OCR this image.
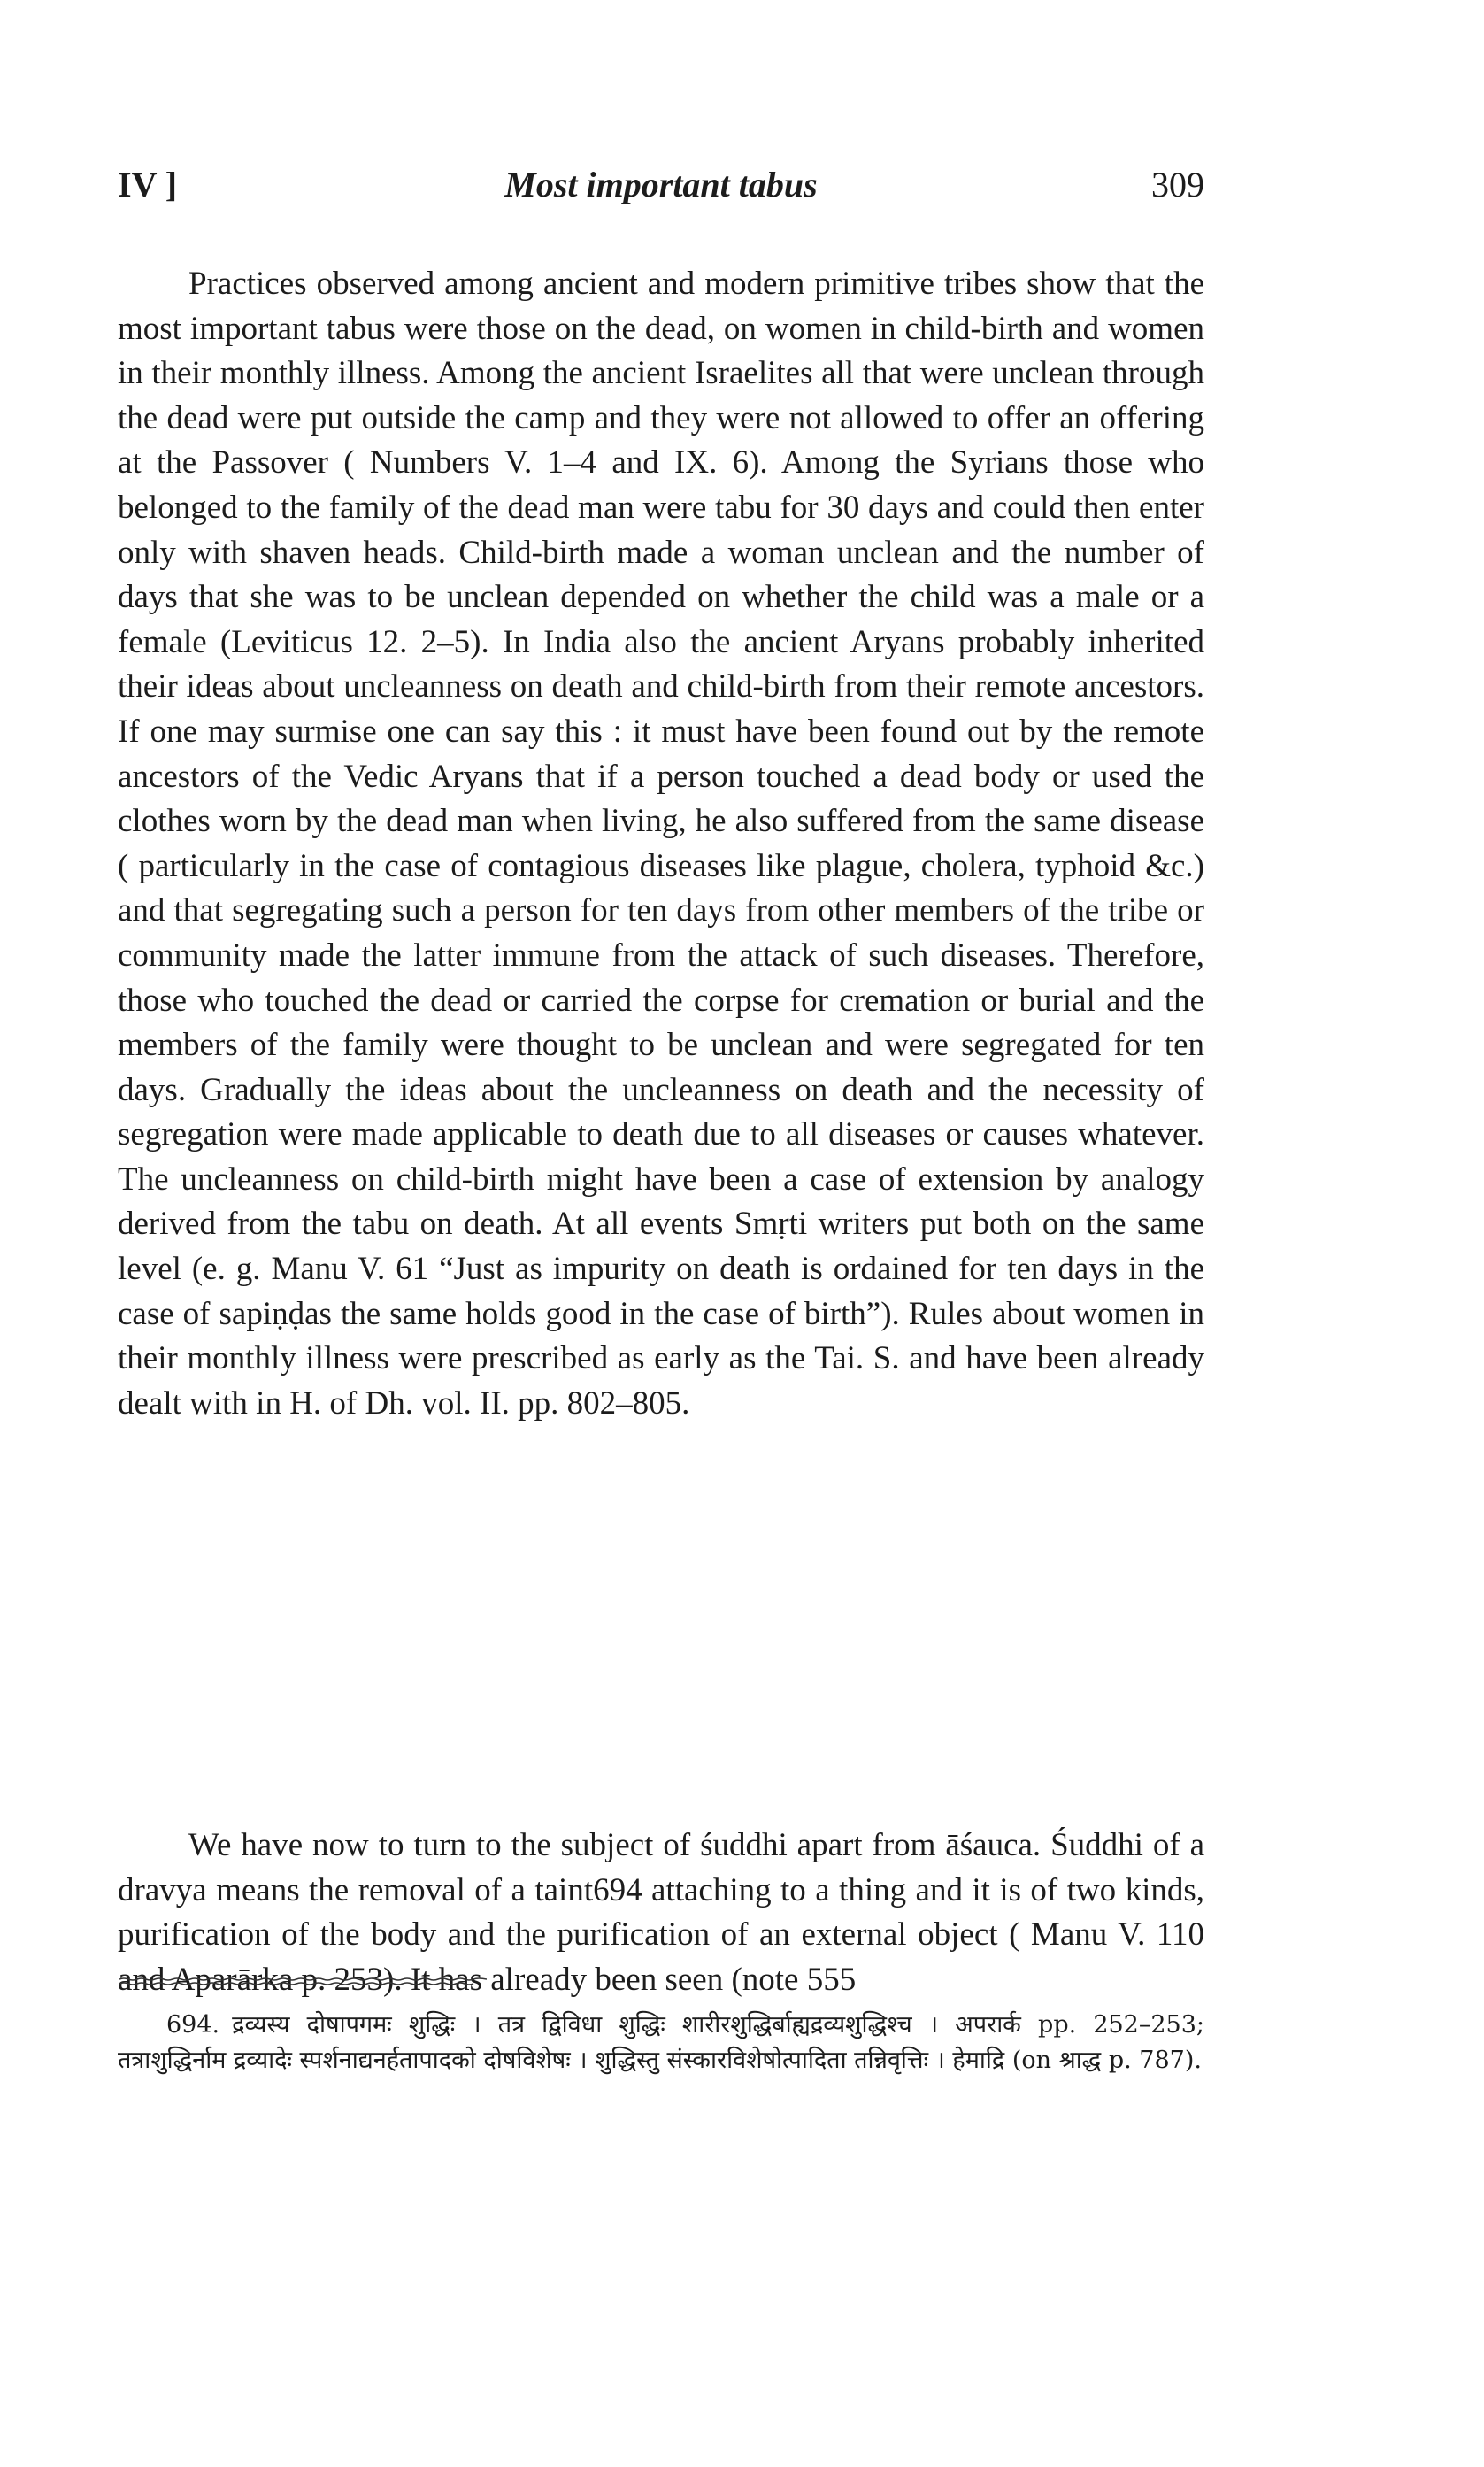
IV ]	Most important tabus	309

Practices observed among ancient and modern primitive tribes show that the most important tabus were those on the dead, on women in child-birth and women in their monthly illness. Among the ancient Israelites all that were unclean through the dead were put outside the camp and they were not allowed to offer an offering at the Passover ( Numbers V. 1–4 and IX. 6). Among the Syrians those who belonged to the family of the dead man were tabu for 30 days and could then enter only with shaven heads. Child-birth made a woman unclean and the number of days that she was to be unclean depended on whether the child was a male or a female (Leviticus 12. 2–5). In India also the ancient Aryans probably inherited their ideas about uncleanness on death and child-birth from their remote ancestors. If one may surmise one can say this : it must have been found out by the remote ancestors of the Vedic Aryans that if a person touched a dead body or used the clothes worn by the dead man when living, he also suffered from the same disease ( particularly in the case of contagious diseases like plague, cholera, typhoid &c.) and that segregating such a person for ten days from other members of the tribe or community made the latter immune from the attack of such diseases. Therefore, those who touched the dead or carried the corpse for cremation or burial and the members of the family were thought to be unclean and were segregated for ten days. Gradually the ideas about the uncleanness on death and the necessity of segregation were made applicable to death due to all diseases or causes whatever. The uncleanness on child-birth might have been a case of extension by analogy derived from the tabu on death. At all events Smṛti writers put both on the same level (e. g. Manu V. 61 “Just as impurity on death is ordained for ten days in the case of sapiṇḍas the same holds good in the case of birth”). Rules about women in their monthly illness were prescribed as early as the Tai. S. and have been already dealt with in H. of Dh. vol. II. pp. 802–805.

We have now to turn to the subject of śuddhi apart from āśauca. Śuddhi of a dravya means the removal of a taint694 attaching to a thing and it is of two kinds, purification of the body and the purification of an external object ( Manu V. 110 and Aparārka p. 253). It has already been seen (note 555

694. द्रव्यस्य दोषापगमः शुद्धिः । तत्र द्विविधा शुद्धिः शारीरशुद्धिर्बाह्यद्रव्यशुद्धिश्च । अपरार्क pp. 252–253; तत्राशुद्धिर्नाम द्रव्यादेः स्पर्शनाद्यनर्हतापादको दोषविशेषः । शुद्धिस्तु संस्कारविशेषोत्पादिता तन्निवृत्तिः । हेमाद्रि (on श्राद्ध p. 787).
